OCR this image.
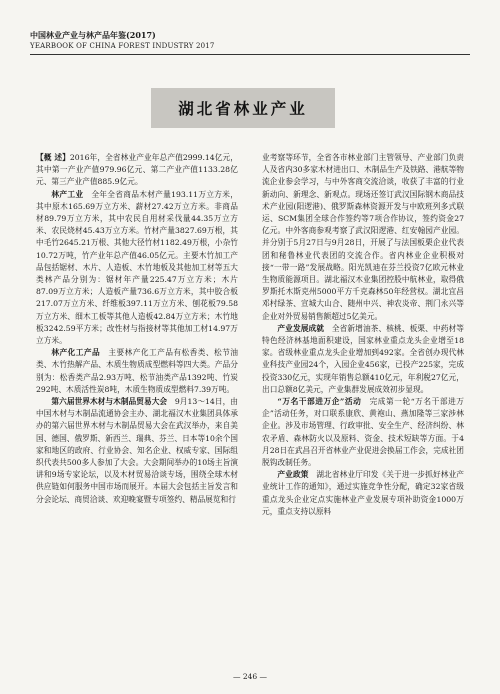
中国林业产业与林产品年鉴(2017)
YEARBOOK OF CHINA FOREST INDUSTRY 2017
湖北省林业产业

【概 述】2016年，全省林业产业年总产值2999.14亿元，其中第一产业产值979.96亿元、第二产业产值1133.28亿元、第三产业产值885.9亿元。

林产工业　 全年全省商品木材产量193.11万立方米，其中原木165.69万立方米、薪材27.42万立方米。非商品材89.79万立方米，其中农民自用材采伐量44.35万立方米、农民烧材45.43万立方米。竹材产量3827.69万根，其中毛竹2645.21万根、其他大径竹材1182.49万根，小杂竹10.72万吨，竹产业年总产值46.05亿元。主要木竹加工产品包括锯材、木片、人造板、木竹地板及其他加工材等五大类林产品分别为：锯材年产量225.47万立方米；木片87.09万立方米；人造板产量736.6万立方米，其中胶合板217.07万立方米、纤维板397.11万立方米、刨花板79.58万立方米、细木工板等其他人造板42.84万立方米；木竹地板3242.59平方米；改性材与指接材等其他加工材14.97万立方米。

林产化工产品　 主要林产化工产品有松香类、松节油类、木竹热解产品、木质生物质成型燃料等四大类。产品分别为：松香类产品2.93万吨、松节油类产品1392吨、竹炭292吨、木质活性炭8吨，木质生物质成型燃料7.39万吨。

第六届世界木材与木制品贸易大会　 9月13～14日，由中国木材与木制品流通协会主办、湖北福汉木业集团具体承办的第六届世界木材与木制品贸易大会在武汉举办，来自美国、德国、俄罗斯、新西兰、瑞典、芬兰、日本等10余个国家和地区的政府、行业协会、知名企业、权威专家、国际组织代表共500多人参加了大会。大会期间举办的10场主旨演讲和9场专家论坛，以及木材贸易洽谈专场，围绕全球木材供应链如何服务中国市场而展开。本届大会包括主旨发言和分会论坛、商贸洽谈、欢迎晚宴暨专项签约、精品展览和行

业考察等环节，全省各市林业部门主管领导、产业部门负责人及省内30多家木材进出口、木制品生产及铁路、港航等物流企业参会学习，与中外客商交流洽谈，收获了丰富的行业新动向、新理念、新观点。现场还签订武汉国际钢木商品技术产业园(阳逻港)、俄罗斯森林资源开发与中欧班列多式联运、SCM集团全球合作签约等7项合作协议，签约资金27亿元。中外客商参观考察了武汉阳逻港、红安翰园产业园。并分别于5月27日与9月28日，开展了与法国板栗企业代表团和秘鲁林业代表团的交流合作。省内林业企业积极对接“一带一路”发展战略。阳光凯迪在芬兰投资7亿欧元林业生物质能源项目。湖北福汉木业集团控股中航林业，取得俄罗斯托木斯克州5000平方千克森林50年经营权。湖北宜昌邓村绿茶、宣城大山合、随州中兴、神农炎帝、荆门永兴等企业对外贸易销售额超过5亿美元。

产业发展成就　 全省新增油茶、核桃、板栗、中药材等特色经济林基地面积建设，国家林业重点龙头企业增至18家。省级林业重点龙头企业增加到492家。全省创办现代林业科技产业园24个，入园企业456家，已投产225家，完成投资330亿元，实现年销售总额410亿元，年利税27亿元，出口总额8亿美元，产业集群发展成效初步显现。

“万名干部进万企”活动　 完成第一轮“万名干部进万企”活动任务，对口联系康欣、黄袍山、燕加隆等三家涉林企业。涉及市场管理、行政审批、安全生产、经济纠纷、林农矛盾、森林防火以及原料、资金、技术短缺等方面。于4月28日在武昌召开省林业产业促进会换届工作会，完成社团脱钩改制任务。

产业政策　 湖北省林业厅印发《关于进一步抓好林业产业统计工作的通知》，通过实施竞争性分配，确定32家省级重点龙头企业定点实施林业产业发展专项补助资金1000万元，重点支持以原料

— 246 —
